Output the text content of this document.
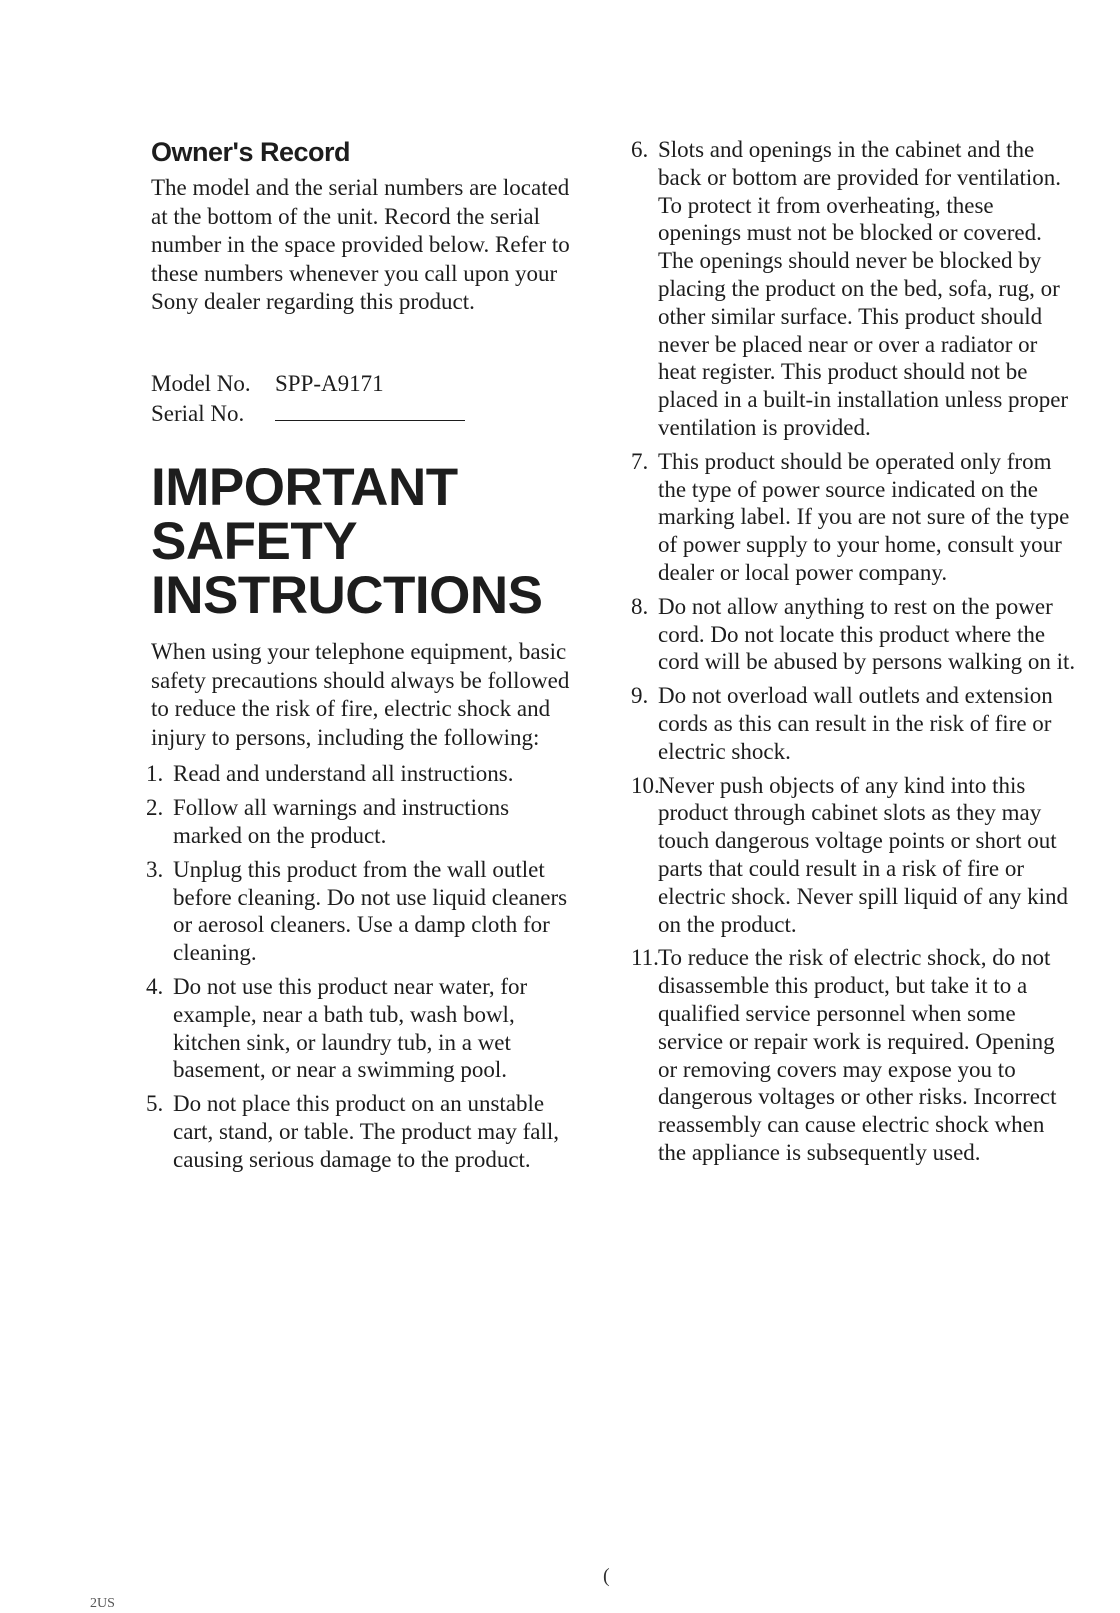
Owner's Record

The model and the serial numbers are located at the bottom of the unit. Record the serial number in the space provided below. Refer to these numbers whenever you call upon your Sony dealer regarding this product.

Model No. SPP-A9171
Serial No.
IMPORTANT
SAFETY
INSTRUCTIONS

When using your telephone equipment, basic safety precautions should always be followed to reduce the risk of fire, electric shock and injury to persons, including the following:

1. Read and understand all instructions.
2. Follow all warnings and instructions marked on the product.
3. Unplug this product from the wall outlet before cleaning. Do not use liquid cleaners or aerosol cleaners. Use a damp cloth for cleaning.
4. Do not use this product near water, for example, near a bath tub, wash bowl, kitchen sink, or laundry tub, in a wet basement, or near a swimming pool.
5. Do not place this product on an unstable cart, stand, or table. The product may fall, causing serious damage to the product.
6. Slots and openings in the cabinet and the back or bottom are provided for ventilation. To protect it from overheating, these openings must not be blocked or covered. The openings should never be blocked by placing the product on the bed, sofa, rug, or other similar surface. This product should never be placed near or over a radiator or heat register. This product should not be placed in a built-in installation unless proper ventilation is provided.
7. This product should be operated only from the type of power source indicated on the marking label. If you are not sure of the type of power supply to your home, consult your dealer or local power company.
8. Do not allow anything to rest on the power cord. Do not locate this product where the cord will be abused by persons walking on it.
9. Do not overload wall outlets and extension cords as this can result in the risk of fire or electric shock.
10.
Never push objects of any kind into this product through cabinet slots as they may touch dangerous voltage points or short out parts that could result in a risk of fire or electric shock. Never spill liquid of any kind on the product.
11. To reduce the risk of electric shock, do not disassemble this product, but take it to a qualified service personnel when some service or repair work is required. Opening or removing covers may expose you to dangerous voltages or other risks. Incorrect reassembly can cause electric shock when the appliance is subsequently used.
(
2US
